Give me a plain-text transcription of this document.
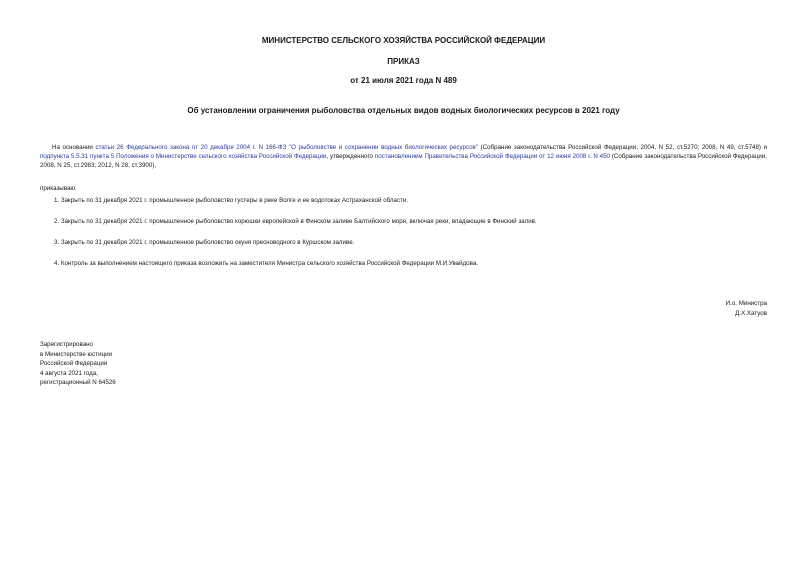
МИНИСТЕРСТВО СЕЛЬСКОГО ХОЗЯЙСТВА РОССИЙСКОЙ ФЕДЕРАЦИИ
ПРИКАЗ
от 21 июля 2021 года N 489
Об установлении ограничения рыболовства отдельных видов водных биологических ресурсов в 2021 году
На основании статьи 26 Федерального закона от 20 декабря 2004 г. N 166-ФЗ "О рыболовстве и сохранении водных биологических ресурсов" (Собрание законодательства Российской Федерации, 2004, N 52, ст.5270; 2008, N 49, ст.5748) и подпункта 5.5.31 пункта 5 Положения о Министерстве сельского хозяйства Российской Федерации, утвержденного постановлением Правительства Российской Федерации от 12 июня 2008 г. N 450 (Собрание законодательства Российской Федерации, 2008, N 25, ст.2983; 2012, N 28, ст.3900),
приказываю:
1. Закрыть по 31 декабря 2021 г. промышленное рыболовство густеры в реке Волге и ее водотоках Астраханской области.
2. Закрыть по 31 декабря 2021 г. промышленное рыболовство корюшки европейской в Финском заливе Балтийского моря, включая реки, впадающие в Финский залив.
3. Закрыть по 31 декабря 2021 г. промышленное рыболовство окуня пресноводного в Куршском заливе.
4. Контроль за выполнением настоящего приказа возложить на заместителя Министра сельского хозяйства Российской Федерации М.И.Увайдова.
И.о. Министра
Д.Х.Хатуов
Зарегистрировано
в Министерстве юстиции
Российской Федерации
4 августа 2021 года,
регистрационный N 64526
